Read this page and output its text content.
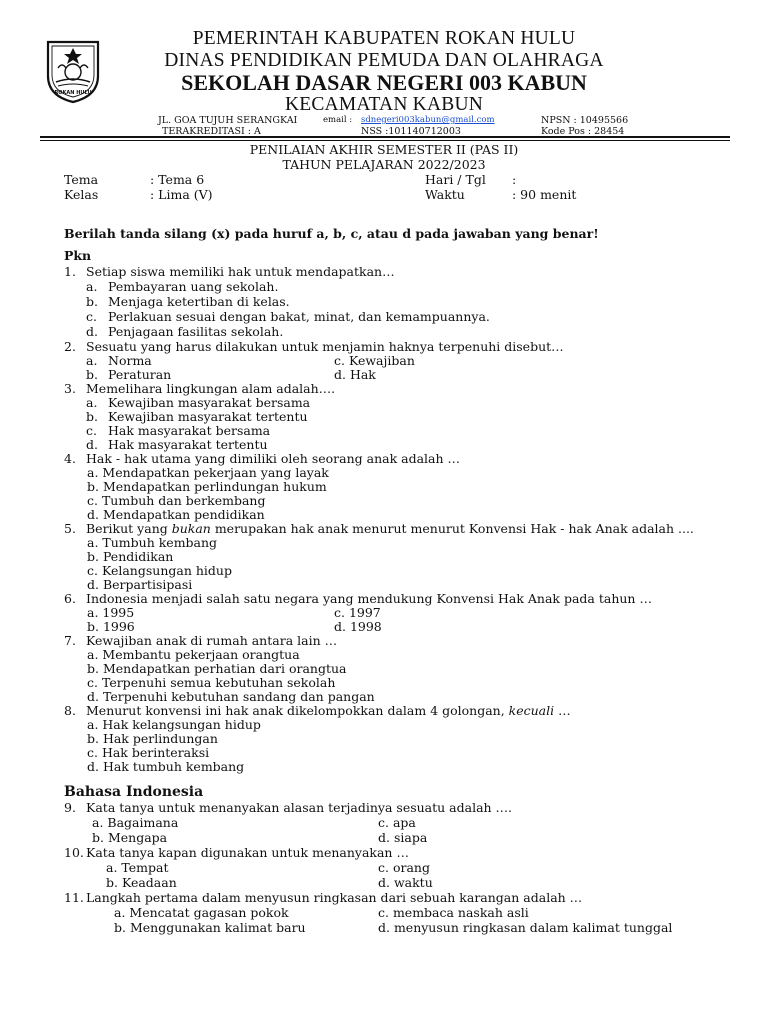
ROKAN HULU
PEMERINTAH KABUPATEN ROKAN HULU
DINAS PENDIDIKAN PEMUDA DAN OLAHRAGA
SEKOLAH DASAR NEGERI 003 KABUN
KECAMATAN KABUN
JL. GOA TUJUH SERANGKAI	email : sdnegeri003kabun@gmail.com	NPSN : 10495566
TERAKREDITASI : A	NSS :101140712003	Kode Pos : 28454
PENILAIAN AKHIR SEMESTER II (PAS II)
TAHUN PELAJARAN 2022/2023
Tema	: Tema 6	Hari / Tgl :
Kelas	: Lima (V)	Waktu	: 90 menit
Berilah tanda silang (x) pada huruf a, b, c, atau d pada jawaban yang benar!
Pkn
1. Setiap siswa memiliki hak untuk mendapatkan…
a. Pembayaran uang sekolah.
b. Menjaga ketertiban di kelas.
c. Perlakuan sesuai dengan bakat, minat, dan kemampuannya.
d. Penjagaan fasilitas sekolah.
2. Sesuatu yang harus dilakukan untuk menjamin haknya terpenuhi disebut…
a. Norma	c. Kewajiban
b. Peraturan	d. Hak
3. Memelihara lingkungan alam adalah….
a. Kewajiban masyarakat bersama
b. Kewajiban masyarakat tertentu
c. Hak masyarakat bersama
d. Hak masyarakat tertentu
4. Hak - hak utama yang dimiliki oleh seorang anak adalah …
a. Mendapatkan pekerjaan yang layak
b. Mendapatkan perlindungan hukum
c. Tumbuh dan berkembang
d. Mendapatkan pendidikan
5. Berikut yang bukan merupakan hak anak menurut menurut Konvensi Hak - hak Anak adalah ....
a. Tumbuh kembang
b. Pendidikan
c. Kelangsungan hidup
d. Berpartisipasi
6. Indonesia menjadi salah satu negara yang mendukung Konvensi Hak Anak pada tahun …
a. 1995	c. 1997
b. 1996	d. 1998
7. Kewajiban anak di rumah antara lain …
a. Membantu pekerjaan orangtua
b. Mendapatkan perhatian dari orangtua
c. Terpenuhi semua kebutuhan sekolah
d. Terpenuhi kebutuhan sandang dan pangan
8. Menurut konvensi ini hak anak dikelompokkan dalam 4 golongan, kecuali …
a. Hak kelangsungan hidup
b. Hak perlindungan
c. Hak berinteraksi
d. Hak tumbuh kembang
Bahasa Indonesia
9. Kata tanya untuk menanyakan alasan terjadinya sesuatu adalah ….
a. Bagaimana	c. apa
b. Mengapa	d. siapa
10. Kata tanya kapan digunakan untuk menanyakan …
a. Tempat	c. orang
b. Keadaan	d. waktu
11. Langkah pertama dalam menyusun ringkasan dari sebuah karangan adalah …
a. Mencatat gagasan pokok	c. membaca naskah asli
b. Menggunakan kalimat baru	d. menyusun ringkasan dalam kalimat tunggal
